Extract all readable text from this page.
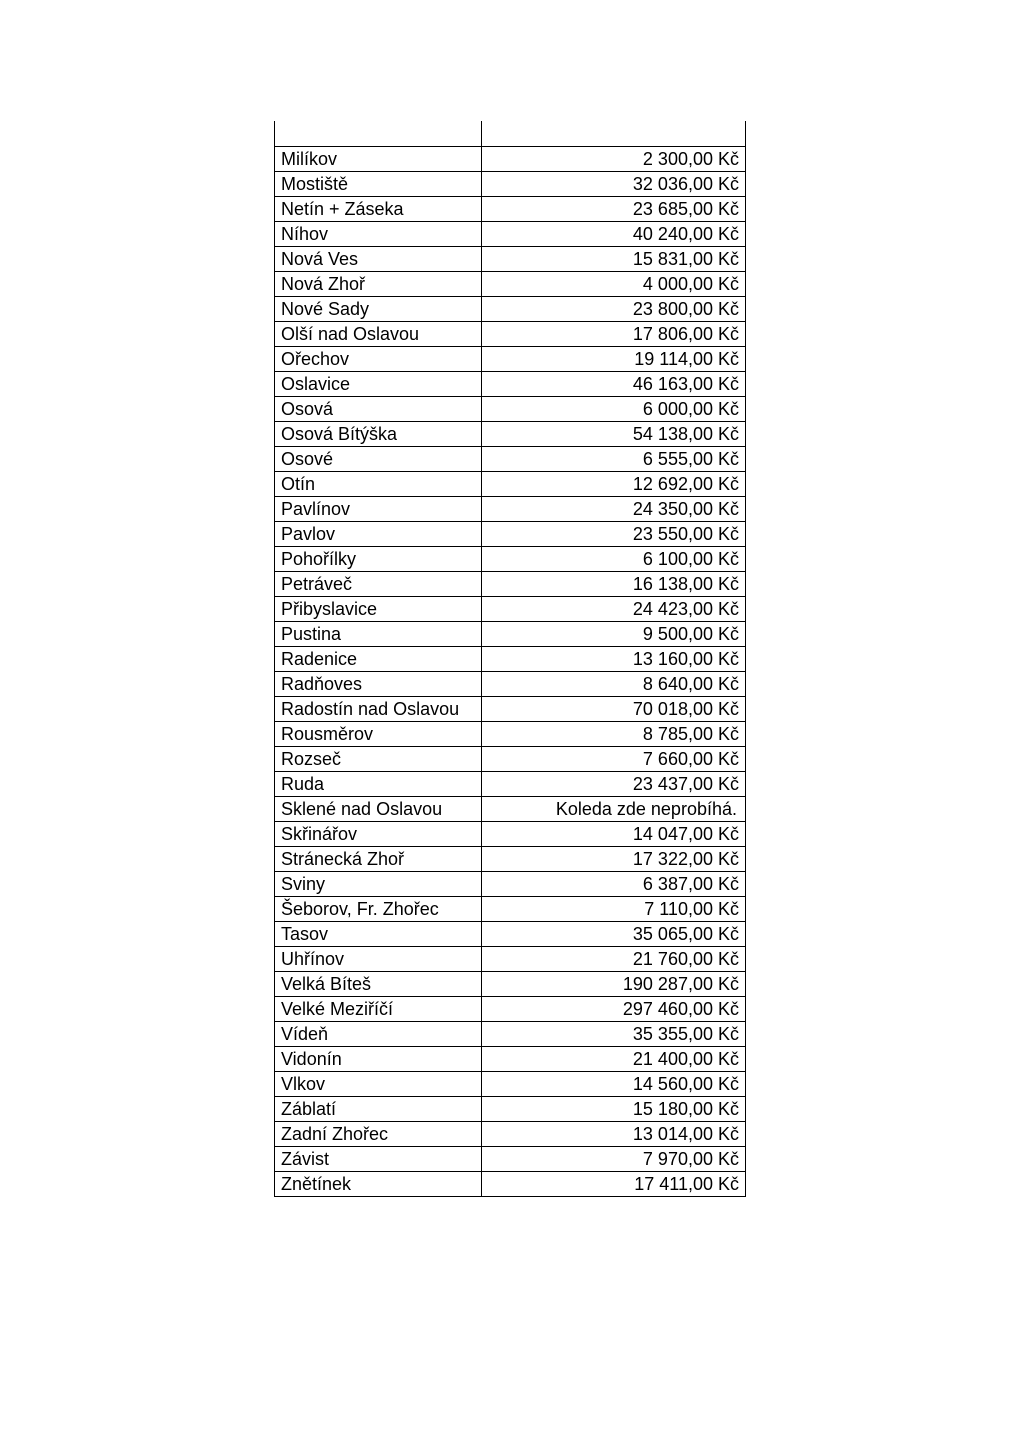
Milíkov	2 300,00 Kč
Mostiště	32 036,00 Kč
Netín + Záseka	23 685,00 Kč
Níhov	40 240,00 Kč
Nová Ves	15 831,00 Kč
Nová Zhoř	4 000,00 Kč
Nové Sady	23 800,00 Kč
Olší nad Oslavou	17 806,00 Kč
Ořechov	19 114,00 Kč
Oslavice	46 163,00 Kč
Osová	6 000,00 Kč
Osová Bítýška	54 138,00 Kč
Osové	6 555,00 Kč
Otín	12 692,00 Kč
Pavlínov	24 350,00 Kč
Pavlov	23 550,00 Kč
Pohořílky	6 100,00 Kč
Petráveč	16 138,00 Kč
Přibyslavice	24 423,00 Kč
Pustina	9 500,00 Kč
Radenice	13 160,00 Kč
Radňoves	8 640,00 Kč
Radostín nad Oslavou	70 018,00 Kč
Rousměrov	8 785,00 Kč
Rozseč	7 660,00 Kč
Ruda	23 437,00 Kč
Sklené nad Oslavou	Koleda zde neprobíhá.
Skřinářov	14 047,00 Kč
Stránecká Zhoř	17 322,00 Kč
Sviny	6 387,00 Kč
Šeborov, Fr. Zhořec	7 110,00 Kč
Tasov	35 065,00 Kč
Uhřínov	21 760,00 Kč
Velká Bíteš	190 287,00 Kč
Velké Meziříčí	297 460,00 Kč
Vídeň	35 355,00 Kč
Vidonín	21 400,00 Kč
Vlkov	14 560,00 Kč
Záblatí	15 180,00 Kč
Zadní Zhořec	13 014,00 Kč
Závist	7 970,00 Kč
Znětínek	17 411,00 Kč
